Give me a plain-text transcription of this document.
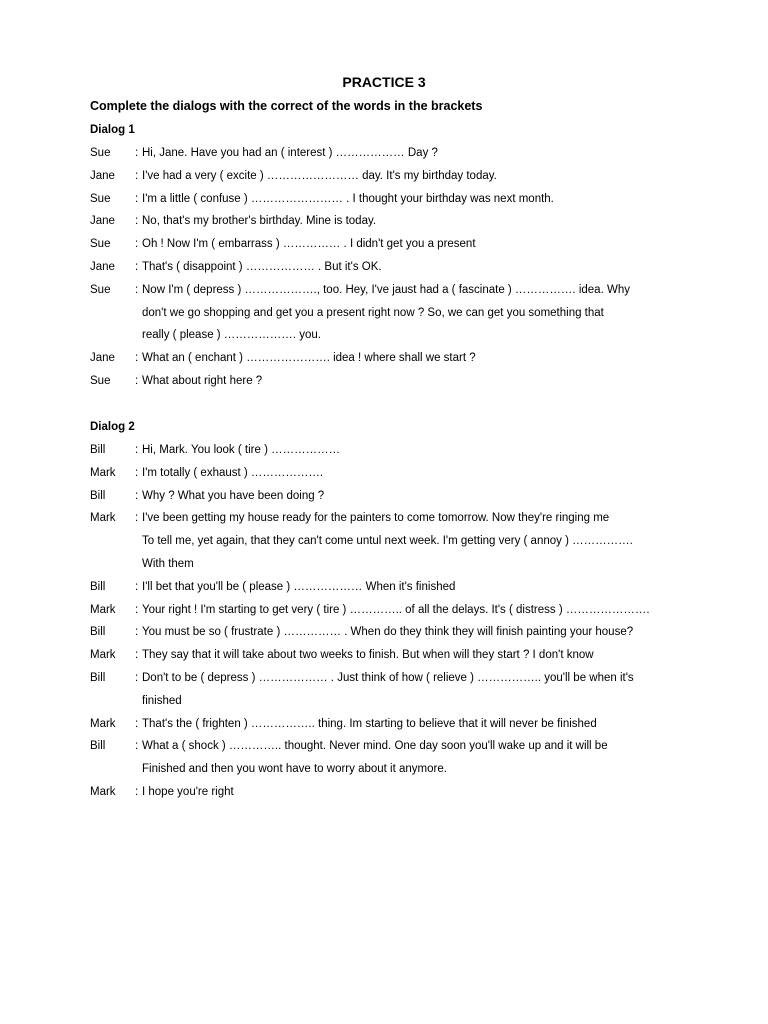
PRACTICE 3
Complete the dialogs with the correct of the words in the brackets
Dialog 1
Sue	: Hi, Jane. Have you had an ( interest ) ……………… Day ?
Jane	: I've had a very ( excite ) …………………… day. It's my birthday today.
Sue	: I'm a little ( confuse ) …………………… . I thought your birthday was next month.
Jane	: No, that's my brother's birthday. Mine is today.
Sue	: Oh ! Now I'm ( embarrass ) …………… . I didn't get you a present
Jane	: That's ( disappoint ) ……………… . But it's OK.
Sue	: Now I'm ( depress ) ………………., too. Hey, I've jaust had a ( fascinate ) ……………. idea. Why
don't we go shopping and get you a present right now ? So, we can get you something that
really ( please ) ………………. you.
Jane	: What an ( enchant ) …………………. idea ! where shall we start ?
Sue	: What about right here ?
Dialog 2
Bill	: Hi, Mark. You look ( tire ) ………………
Mark	: I'm totally ( exhaust ) ……………….
Bill	: Why ? What you have been doing ?
Mark	: I've been getting my house ready for the painters to come tomorrow. Now they're ringing me
To tell me, yet again, that they can't come untul next week. I'm getting very ( annoy ) …………….
With them
Bill	: I'll bet that you'll be ( please ) ……………… When it's finished
Mark	: Your right ! I'm starting to get very ( tire ) ………….. of all the delays. It's ( distress ) ………………….
Bill	: You must be so ( frustrate ) …………… . When do they think they will finish painting your house?
Mark	: They say that it will take about two weeks to finish. But when will they start ? I don't know
Bill	: Don't to be ( depress ) ……………… . Just think of how ( relieve ) …………….. you'll be when it's
finished
Mark	: That's the ( frighten ) …………….. thing. Im starting to believe that it will never be finished
Bill	: What a ( shock ) ………….. thought. Never mind. One day soon you'll wake up and it will be
Finished and then you wont have to worry about it anymore.
Mark	: I hope you're right
